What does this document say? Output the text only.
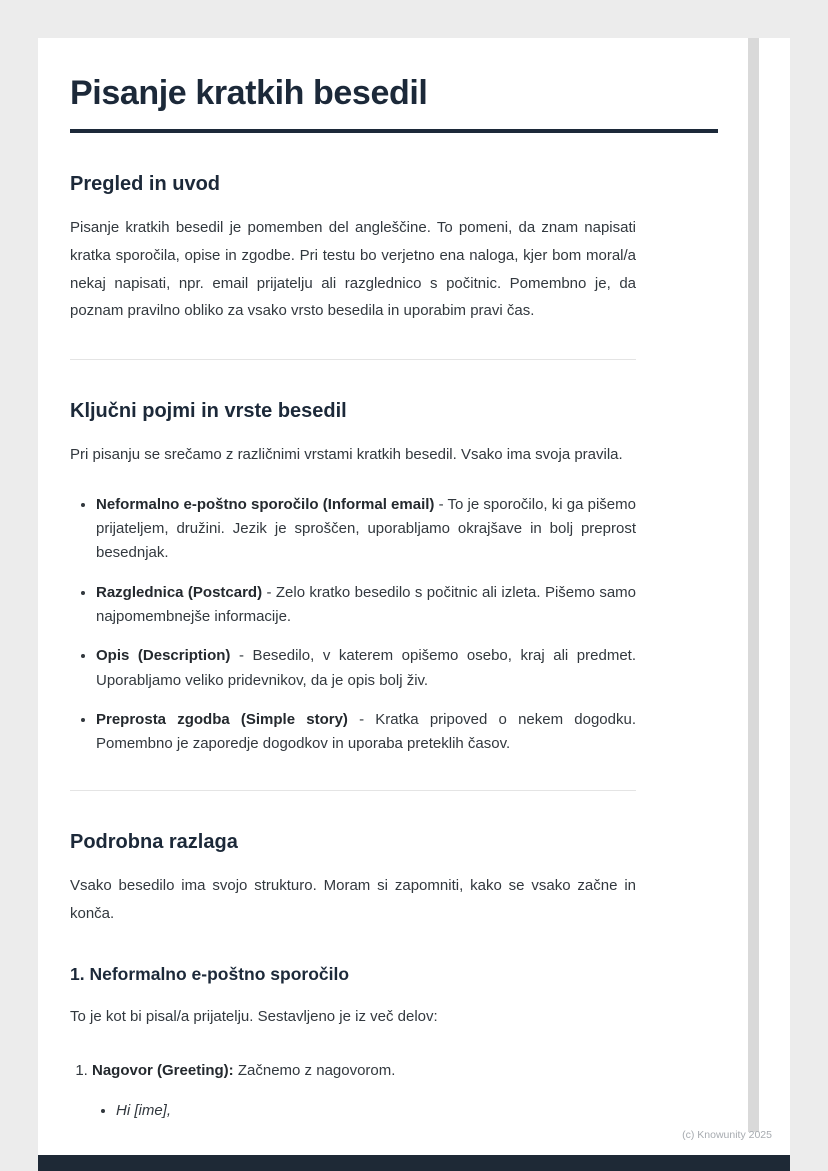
Pisanje kratkih besedil
Pregled in uvod

Pisanje kratkih besedil je pomemben del angleščine. To pomeni, da znam napisati kratka sporočila, opise in zgodbe. Pri testu bo verjetno ena naloga, kjer bom moral/a nekaj napisati, npr. email prijatelju ali razglednico s počitnic. Pomembno je, da poznam pravilno obliko za vsako vrsto besedila in uporabim pravi čas.

Ključni pojmi in vrste besedil

Pri pisanju se srečamo z različnimi vrstami kratkih besedil. Vsako ima svoja pravila.

• Neformalno e-poštno sporočilo (Informal email) - To je sporočilo, ki ga pišemo prijateljem, družini. Jezik je sproščen, uporabljamo okrajšave in bolj preprost besednjak.
• Razglednica (Postcard) - Zelo kratko besedilo s počitnic ali izleta. Pišemo samo najpomembnejše informacije.
• Opis (Description) - Besedilo, v katerem opišemo osebo, kraj ali predmet. Uporabljamo veliko pridevnikov, da je opis bolj živ.
• Preprosta zgodba (Simple story) - Kratka pripoved o nekem dogodku. Pomembno je zaporedje dogodkov in uporaba preteklih časov.
Podrobna razlaga

Vsako besedilo ima svojo strukturo. Moram si zapomniti, kako se vsako začne in konča.

1. Neformalno e-poštno sporočilo

To je kot bi pisal/a prijatelju. Sestavljeno je iz več delov:

1. Nagovor (Greeting): Začnemo z nagovorom.
• Hi [ime],
(c) Knowunity 2025
